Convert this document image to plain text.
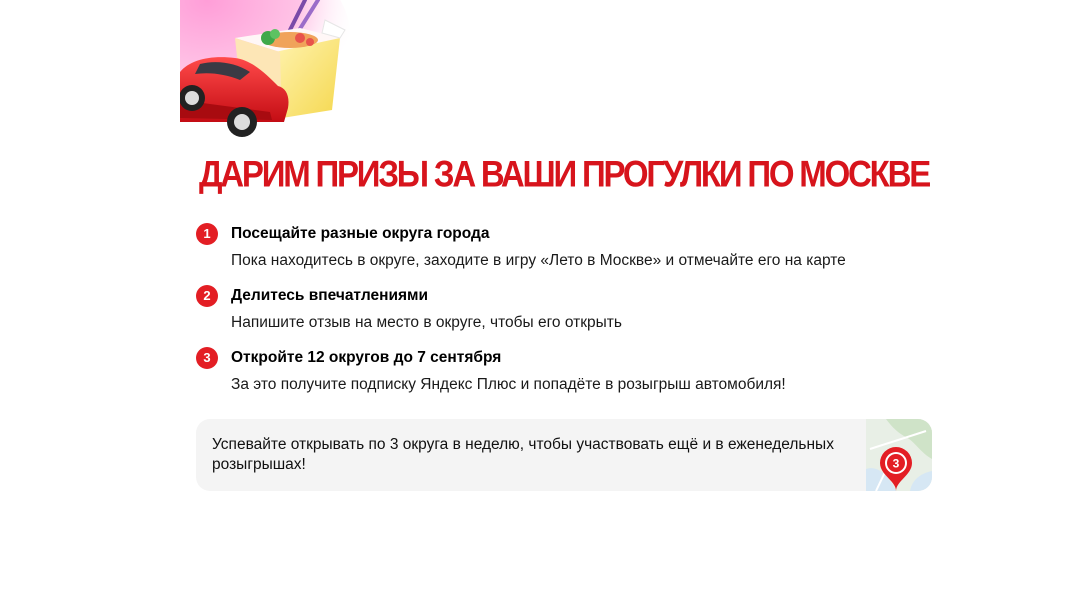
ДАРИМ ПРИЗЫ ЗА ВАШИ ПРОГУЛКИ ПО МОСКВЕ
1	Посещайте разные округа города
Пока находитесь в округе, заходите в игру «Лето в Москве» и отмечайте его на карте
2	Делитесь впечатлениями
Напишите отзыв на место в округе, чтобы его открыть
3	Откройте 12 округов до 7 сентября
За это получите подписку Яндекс Плюс и попадёте в розыгрыш автомобиля!
Успевайте открывать по 3 округа в неделю, чтобы участвовать ещё и в еженедельных розыгрышах!	3
